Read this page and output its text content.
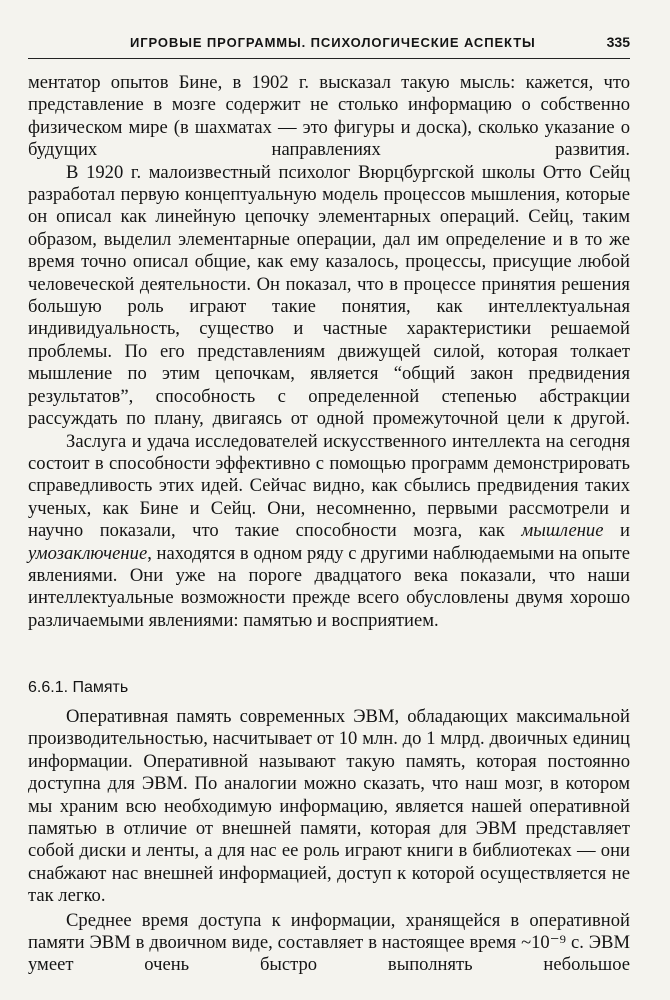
ИГРОВЫЕ ПРОГРАММЫ. ПСИХОЛОГИЧЕСКИЕ АСПЕКТЫ	335

ментатор опытов Бине, в 1902 г. высказал такую мысль: кажется, что представление в мозге содержит не столько информацию о собственно физическом мире (в шахматах — это фигуры и доска), сколько указание о будущих направлениях развития.

В 1920 г. малоизвестный психолог Вюрцбургской школы Отто Сейц разработал первую концептуальную модель процессов мышления, которые он описал как линейную цепочку элементарных операций. Сейц, таким образом, выделил элементарные операции, дал им определение и в то же время точно описал общие, как ему казалось, процессы, присущие любой человеческой деятельности. Он показал, что в процессе принятия решения большую роль играют такие понятия, как интеллектуальная индивидуальность, существо и частные характеристики решаемой проблемы. По его представлениям движущей силой, которая толкает мышление по этим цепочкам, является “общий закон предвидения результатов”, способность с определенной степенью абстракции рассуждать по плану, двигаясь от одной промежуточной цели к другой.

Заслуга и удача исследователей искусственного интеллекта на сегодня состоит в способности эффективно с помощью программ демонстрировать справедливость этих идей. Сейчас видно, как сбылись предвидения таких ученых, как Бине и Сейц. Они, несомненно, первыми рассмотрели и научно показали, что такие способности мозга, как мышление и умозаключение, находятся в одном ряду с другими наблюдаемыми на опыте явлениями. Они уже на пороге двадцатого века показали, что наши интеллектуальные возможности прежде всего обусловлены двумя хорошо различаемыми явлениями: памятью и восприятием.

6.6.1. Память

Оперативная память современных ЭВМ, обладающих максимальной производительностью, насчитывает от 10 млн. до 1 млрд. двоичных единиц информации. Оперативной называют такую память, которая постоянно доступна для ЭВМ. По аналогии можно сказать, что наш мозг, в котором мы храним всю необходимую информацию, является нашей оперативной памятью в отличие от внешней памяти, которая для ЭВМ представляет собой диски и ленты, а для нас ее роль играют книги в библиотеках — они снабжают нас внешней информацией, доступ к которой осуществляется не так легко.

Среднее время доступа к информации, хранящейся в оперативной памяти ЭВМ в двоичном виде, составляет в настоящее время ~10⁻⁹ с. ЭВМ умеет очень быстро выполнять небольшое
